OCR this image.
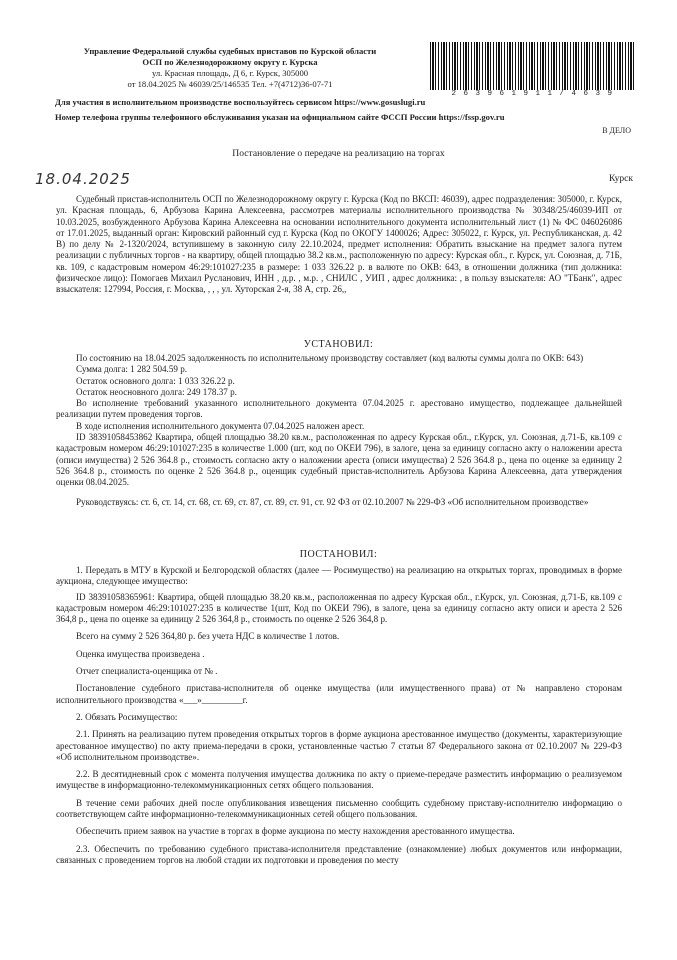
Управление Федеральной службы судебных приставов по Курской области
ОСП по Железнодорожному округу г. Курска
ул. Красная площадь, Д 6, г. Курск, 305000
от 18.04.2025 № 46039/25/146535 Тел. +7(4712)36-07-71
2 6 3 9 6 1 9 1 1 / 4 6 3 9
Для участия в исполнительном производстве воспользуйтесь сервисом https://www.gosuslugi.ru
Номер телефона группы телефонного обслуживания указан на официальном сайте ФССП России https://fssp.gov.ru
В ДЕЛО
Постановление о передаче на реализацию на торгах
18.04.2025	Курск

Судебный пристав-исполнитель ОСП по Железнодорожному округу г. Курска (Код по ВКСП: 46039), адрес подразделения: 305000, г. Курск, ул. Красная площадь, 6, Арбузова Карина Алексеевна, рассмотрев материалы исполнительного производства № 30348/25/46039-ИП от 10.03.2025, возбужденного Арбузова Карина Алексеевна на основании исполнительного документа исполнительный лист (1) № ФС 046026086 от 17.01.2025, выданный орган: Кировский районный суд г. Курска (Код по ОКОГУ 1400026; Адрес: 305022, г. Курск, ул. Республиканская, д. 42 В) по делу № 2-1320/2024, вступившему в законную силу 22.10.2024, предмет исполнения: Обратить взыскание на предмет залога путем реализации с публичных торгов - на квартиру, общей площадью 38.2 кв.м., расположенную по адресу: Курская обл., г. Курск, ул. Союзная, д. 71Б, кв. 109, с кадастровым номером 46:29:101027:235 в размере: 1 033 326.22 р. в валюте по ОКВ: 643, в отношении должника (тип должника: физическое лицо): Помогаев Михаил Русланович, ИНН , д.р. , м.р. , СНИЛС , УИП , адрес должника: , в пользу взыскателя: АО "ТБанк", адрес взыскателя: 127994, Россия, г. Москва, , , , ул. Хуторская 2-я, 38 А, стр. 26,,

УСТАНОВИЛ:

По состоянию на 18.04.2025 задолженность по исполнительному производству составляет (код валюты суммы долга по ОКВ: 643)

Сумма долга: 1 282 504.59 р.

Остаток основного долга: 1 033 326.22 р.

Остаток неосновного долга: 249 178.37 р.

Во исполнение требований указанного исполнительного документа 07.04.2025 г. арестовано имущество, подлежащее дальнейшей реализации путем проведения торгов.

В ходе исполнения исполнительного документа 07.04.2025 наложен арест.

ID 38391058453862 Квартира, общей площадью 38.20 кв.м., расположенная по адресу Курская обл., г.Курск, ул. Союзная, д.71-Б, кв.109 с кадастровым номером 46:29:101027:235 в количестве 1.000 (шт, код по ОКЕИ 796), в залоге, цена за единицу согласно акту о наложении ареста (описи имущества) 2 526 364.8 р., стоимость согласно акту о наложении ареста (описи имущества) 2 526 364.8 р., цена по оценке за единицу 2 526 364.8 р., стоимость по оценке 2 526 364.8 р., оценщик судебный пристав-исполнитель Арбузова Карина Алексеевна, дата утверждения оценки 08.04.2025.

Руководствуясь: ст. 6, ст. 14, ст. 68, ст. 69, ст. 87, ст. 89, ст. 91, ст. 92 ФЗ от 02.10.2007 № 229-ФЗ «Об исполнительном производстве»

ПОСТАНОВИЛ:

1. Передать в МТУ в Курской и Белгородской областях (далее — Росимущество) на реализацию на открытых торгах, проводимых в форме аукциона, следующее имущество:

ID 38391058365961: Квартира, общей площадью 38.20 кв.м., расположенная по адресу Курская обл., г.Курск, ул. Союзная, д.71-Б, кв.109 с кадастровым номером 46:29:101027:235 в количестве 1(шт, Код по ОКЕИ 796), в залоге, цена за единицу согласно акту описи и ареста 2 526 364,8 р., цена по оценке за единицу 2 526 364,8 р., стоимость по оценке 2 526 364,8 р.

Всего на сумму 2 526 364,80 р. без учета НДС в количестве 1 лотов.

Оценка имущества произведена .

Отчет специалиста-оценщика от № .

Постановление судебного пристава-исполнителя об оценке имущества (или имущественного права) от № направлено сторонам исполнительного производства «___»_________г.

2. Обязать Росимущество:

2.1. Принять на реализацию путем проведения открытых торгов в форме аукциона арестованное имущество (документы, характеризующие арестованное имущество) по акту приема-передачи в сроки, установленные частью 7 статьи 87 Федерального закона от 02.10.2007 № 229-ФЗ «Об исполнительном производстве».

2.2. В десятидневный срок с момента получения имущества должника по акту о приеме-передаче разместить информацию о реализуемом имуществе в информационно-телекоммуникационных сетях общего пользования.

В течение семи рабочих дней после опубликования извещения письменно сообщить судебному приставу-исполнителю информацию о соответствующем сайте информационно-телекоммуникационных сетей общего пользования.

Обеспечить прием заявок на участие в торгах в форме аукциона по месту нахождения арестованного имущества.

2.3. Обеспечить по требованию судебного пристава-исполнителя представление (ознакомление) любых документов или информации, связанных с проведением торгов на любой стадии их подготовки и проведения по месту
